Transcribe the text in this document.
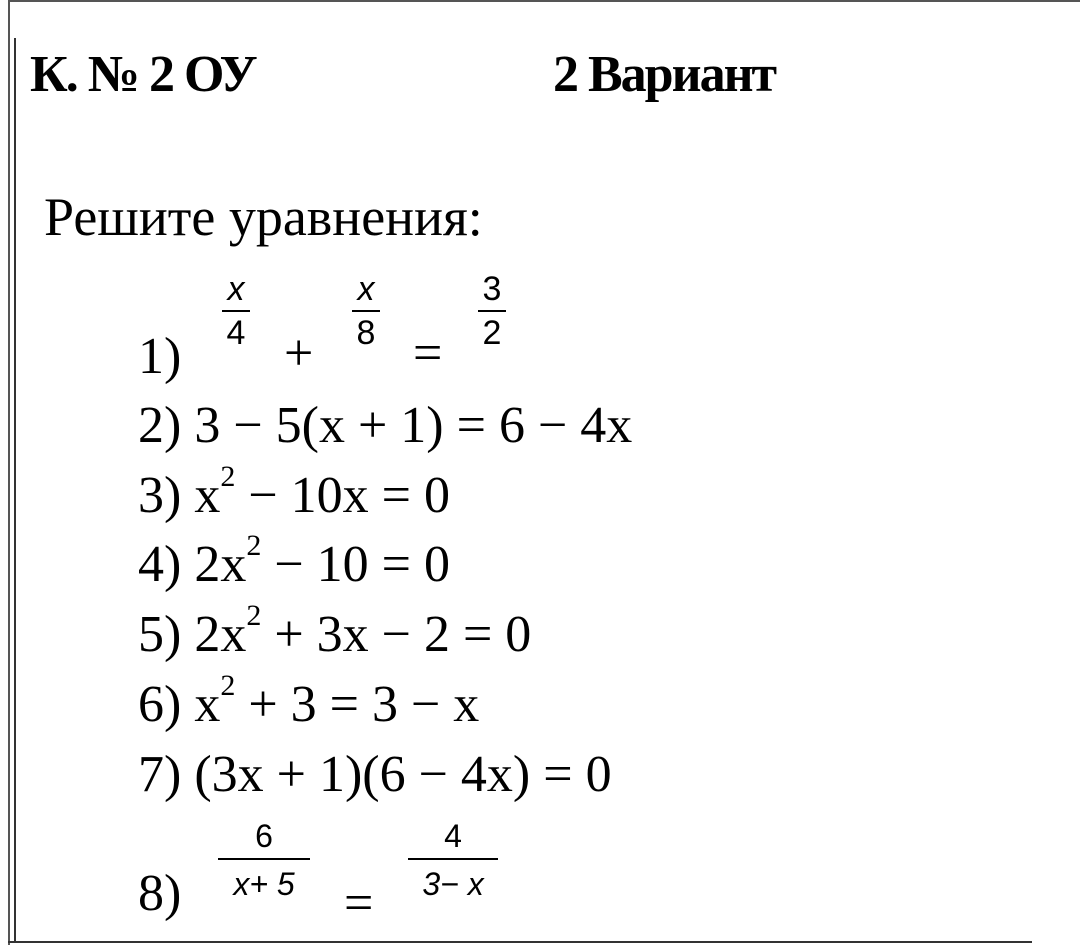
К. № 2 ОУ	2 Вариант
Решите уравнения:
1)
x
4 +
x
8 =
3
2
2) 3 − 5(x + 1) = 6 − 4x
3) $x^2 - 10x = 0$
4) $2x^2 - 10 = 0$
5) $2x^2 + 3x - 2 = 0$
6) $x^2 + 3 = 3 - x$
7) (3x + 1)(6 − 4x) = 0
8)
6
x+ 5 =
4
3− x
